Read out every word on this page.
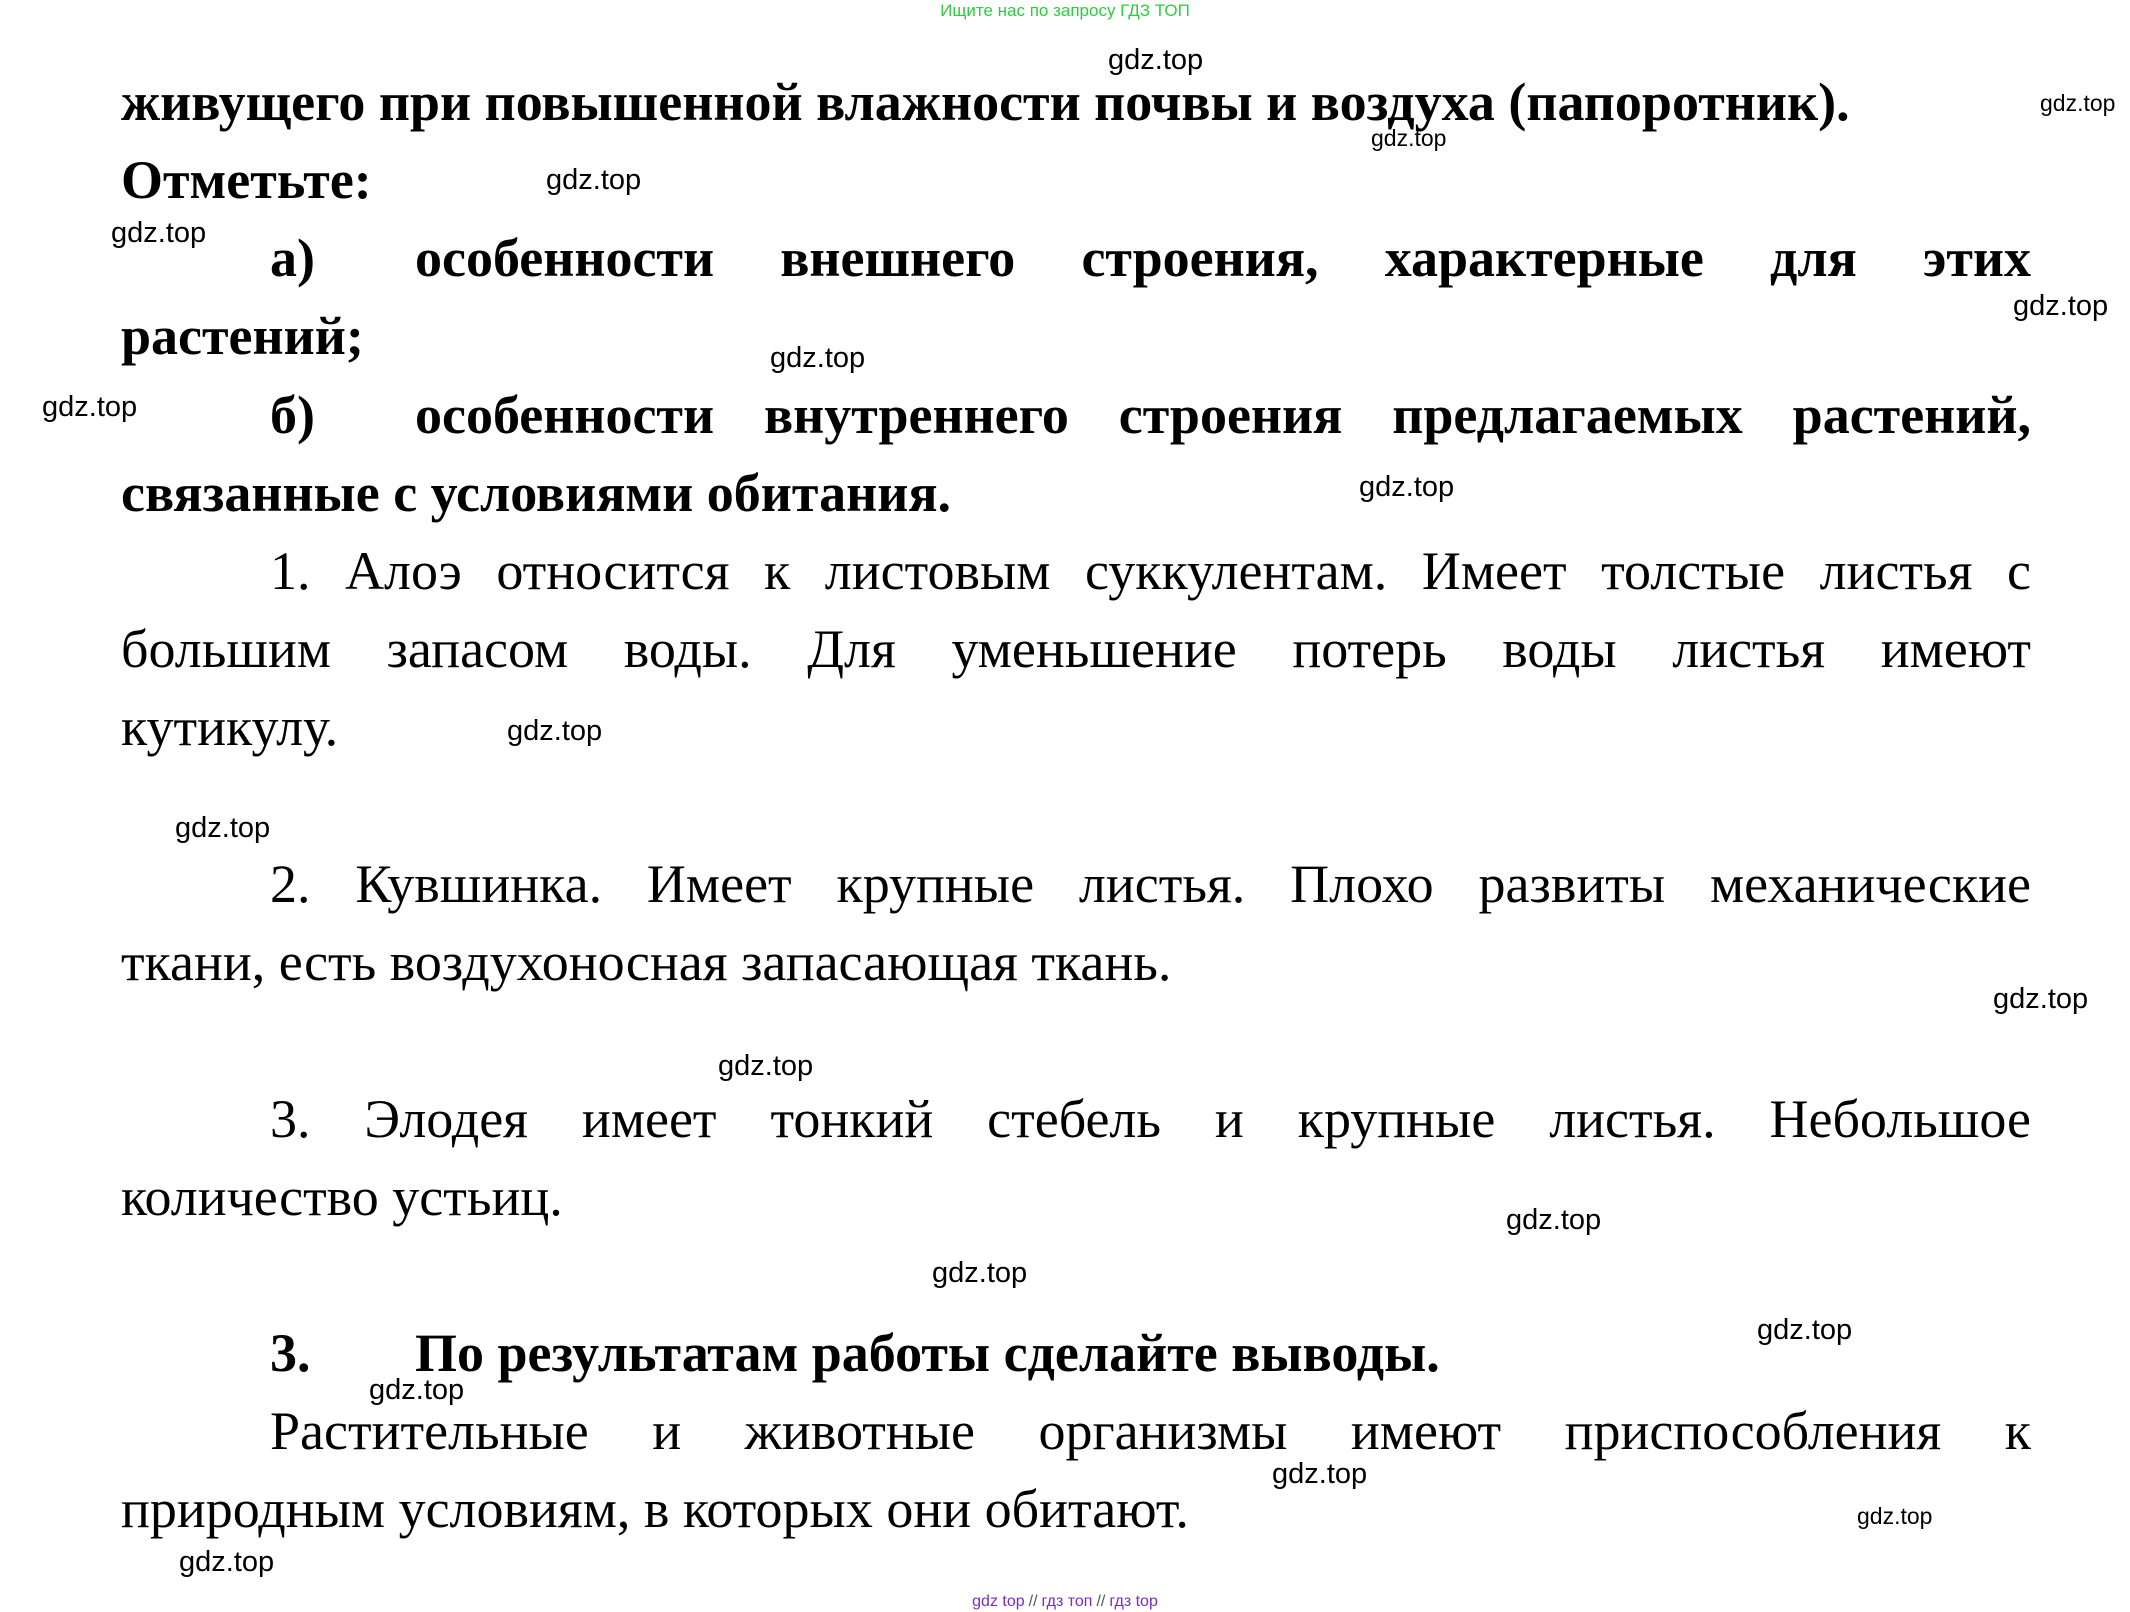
Ищите нас по запросу ГДЗ ТОП
живущего при повышенной влажности почвы и воздуха (папоротник).
Отметьте:
а) особенности внешнего строения, характерные для этих
растений;
б) особенности внутреннего строения предлагаемых растений,
связанные с условиями обитания.
1. Алоэ относится к листовым суккулентам. Имеет толстые листья с
большим запасом воды. Для уменьшение потерь воды листья имеют
кутикулу.
2. Кувшинка. Имеет крупные листья. Плохо развиты механические
ткани, есть воздухоносная запасающая ткань.
3. Элодея имеет тонкий стебель и крупные листья. Небольшое
количество устьиц.
3. По результатам работы сделайте выводы.
Растительные и животные организмы имеют приспособления к
природным условиям, в которых они обитают.
gdz.top
gdz.top
gdz.top
gdz.top
gdz.top
gdz.top
gdz.top
gdz.top
gdz.top
gdz.top
gdz.top
gdz.top
gdz.top
gdz.top
gdz.top
gdz.top
gdz.top
gdz.top
gdz.top
gdz.top
gdz top // гдз топ // гдз top
